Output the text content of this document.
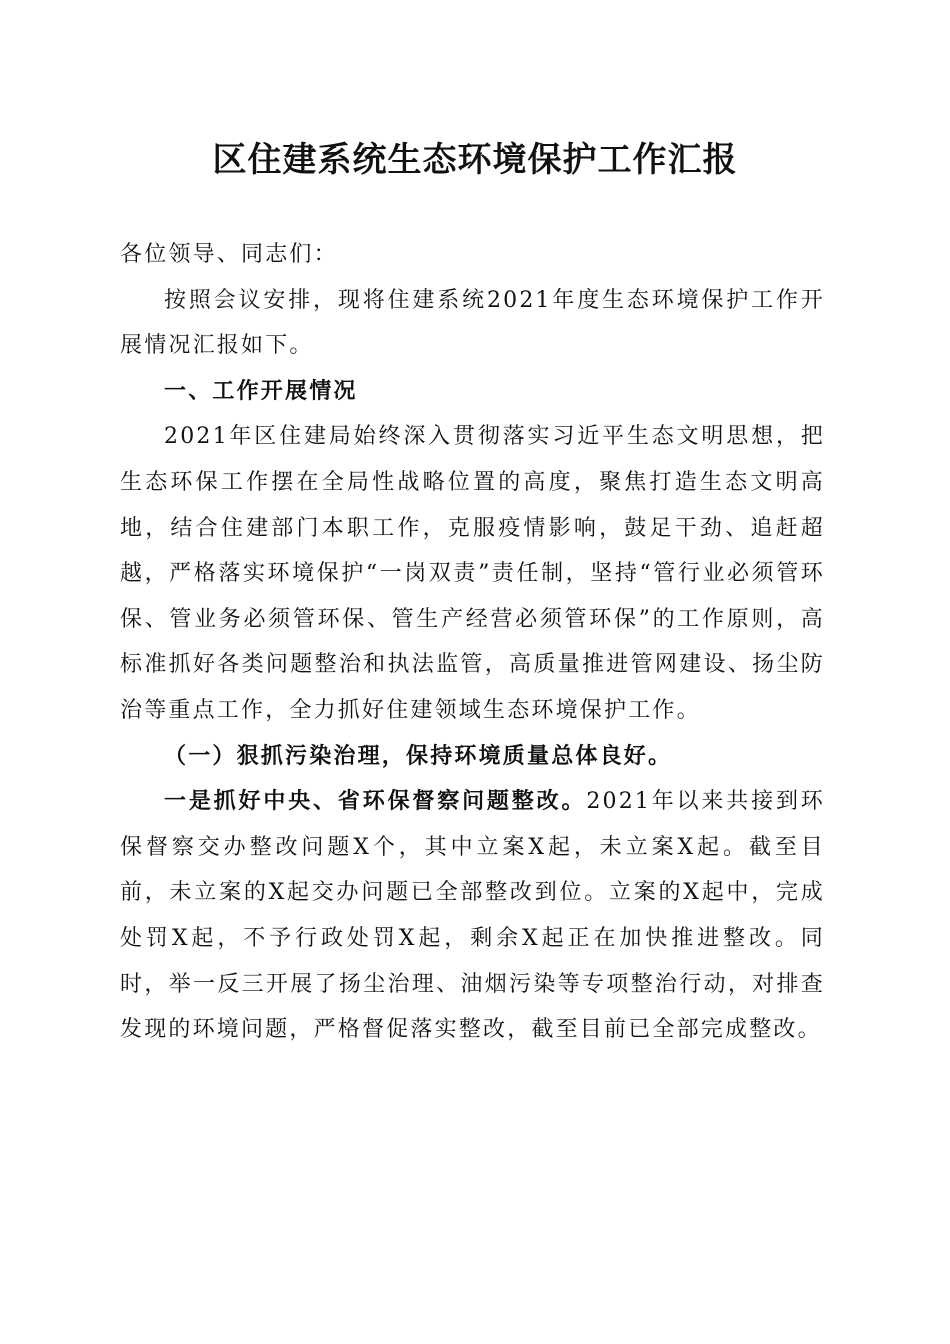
区住建系统生态环境保护工作汇报

各位领导、同志们：

按照会议安排，现将住建系统2021年度生态环境保护工作开展情况汇报如下。

一、工作开展情况

2021年区住建局始终深入贯彻落实习近平生态文明思想，把生态环保工作摆在全局性战略位置的高度，聚焦打造生态文明高地，结合住建部门本职工作，克服疫情影响，鼓足干劲、追赶超越，严格落实环境保护“一岗双责”责任制，坚持“管行业必须管环保、管业务必须管环保、管生产经营必须管环保”的工作原则，高标准抓好各类问题整治和执法监管，高质量推进管网建设、扬尘防治等重点工作，全力抓好住建领域生态环境保护工作。

（一）狠抓污染治理，保持环境质量总体良好。

一是抓好中央、省环保督察问题整改。2021年以来共接到环保督察交办整改问题X个，其中立案X起，未立案X起。截至目前，未立案的X起交办问题已全部整改到位。立案的X起中，完成处罚X起，不予行政处罚X起，剩余X起正在加快推进整改。同时，举一反三开展了扬尘治理、油烟污染等专项整治行动，对排查发现的环境问题，严格督促落实整改，截至目前已全部完成整改。
